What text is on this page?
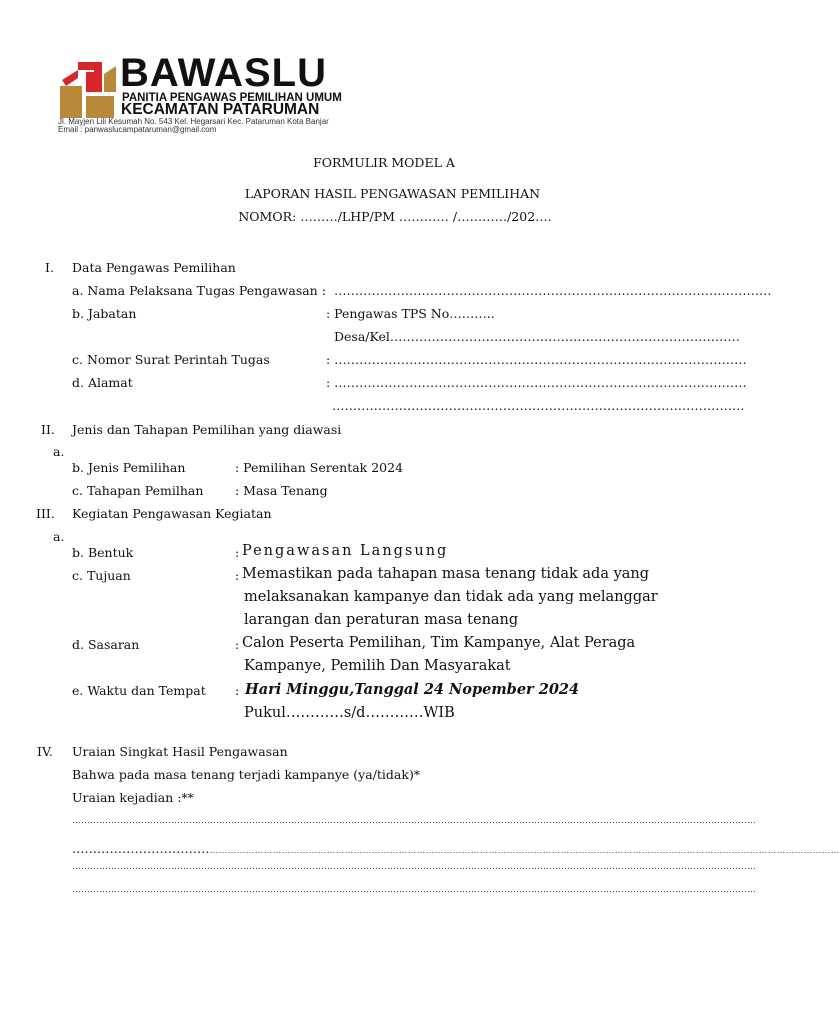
BAWASLU
PANITIA PENGAWAS PEMILIHAN UMUM
KECAMATAN PATARUMAN
Jl. Mayjen Lili Kesumah No. 543 Kel. Hegarsari Kec. Pataruman Kota Banjar
Email : panwaslucampataruman@gmail.com
FORMULIR MODEL A
LAPORAN HASIL PENGAWASAN PEMILIHAN
NOMOR: ………/LHP/PM ………… /…………/202….
I. Data Pengawas Pemilihan
a. Nama Pelaksana Tugas Pengawasan : ……………………………………………………………………………………………
b. Jabatan	: Pengawas TPS No………..
Desa/Kel…………………………………………………………………………
c. Nomor Surat Perintah Tugas	: ………………………………………………………………………………………
d. Alamat	: ………………………………………………………………………………………
………………………………………………………………………………………
II. Jenis dan Tahapan Pemilihan yang diawasi
a.
b. Jenis Pemilihan	: Pemilihan Serentak 2024
c. Tahapan Pemilhan	: Masa Tenang
III. Kegiatan Pengawasan Kegiatan
a.
b. Bentuk	: Pengawasan Langsung
c. Tujuan	: Memastikan pada tahapan masa tenang tidak ada yang
melaksanakan kampanye dan tidak ada yang melanggar
larangan dan peraturan masa tenang
d. Sasaran	: Calon Peserta Pemilihan, Tim Kampanye, Alat Peraga
Kampanye, Pemilih Dan Masyarakat
e. Waktu dan Tempat : Hari Minggu,Tanggal 24 Nopember 2024
Pukul…………s/d…………WIB
IV. Uraian Singkat Hasil Pengawasan
Bahwa pada masa tenang terjadi kampanye (ya/tidak)*
Uraian kejadian :**
…………………………………………………………………………………………………………………………………………………………………………………………………………
………………………………………………………………………………………………………………………………………………………………………………………………………………………
…………………………………………………………………………………………………………………………………………………………………………………………………………
…………………………………………………………………………………………………………………………………………………………………………………………………………
